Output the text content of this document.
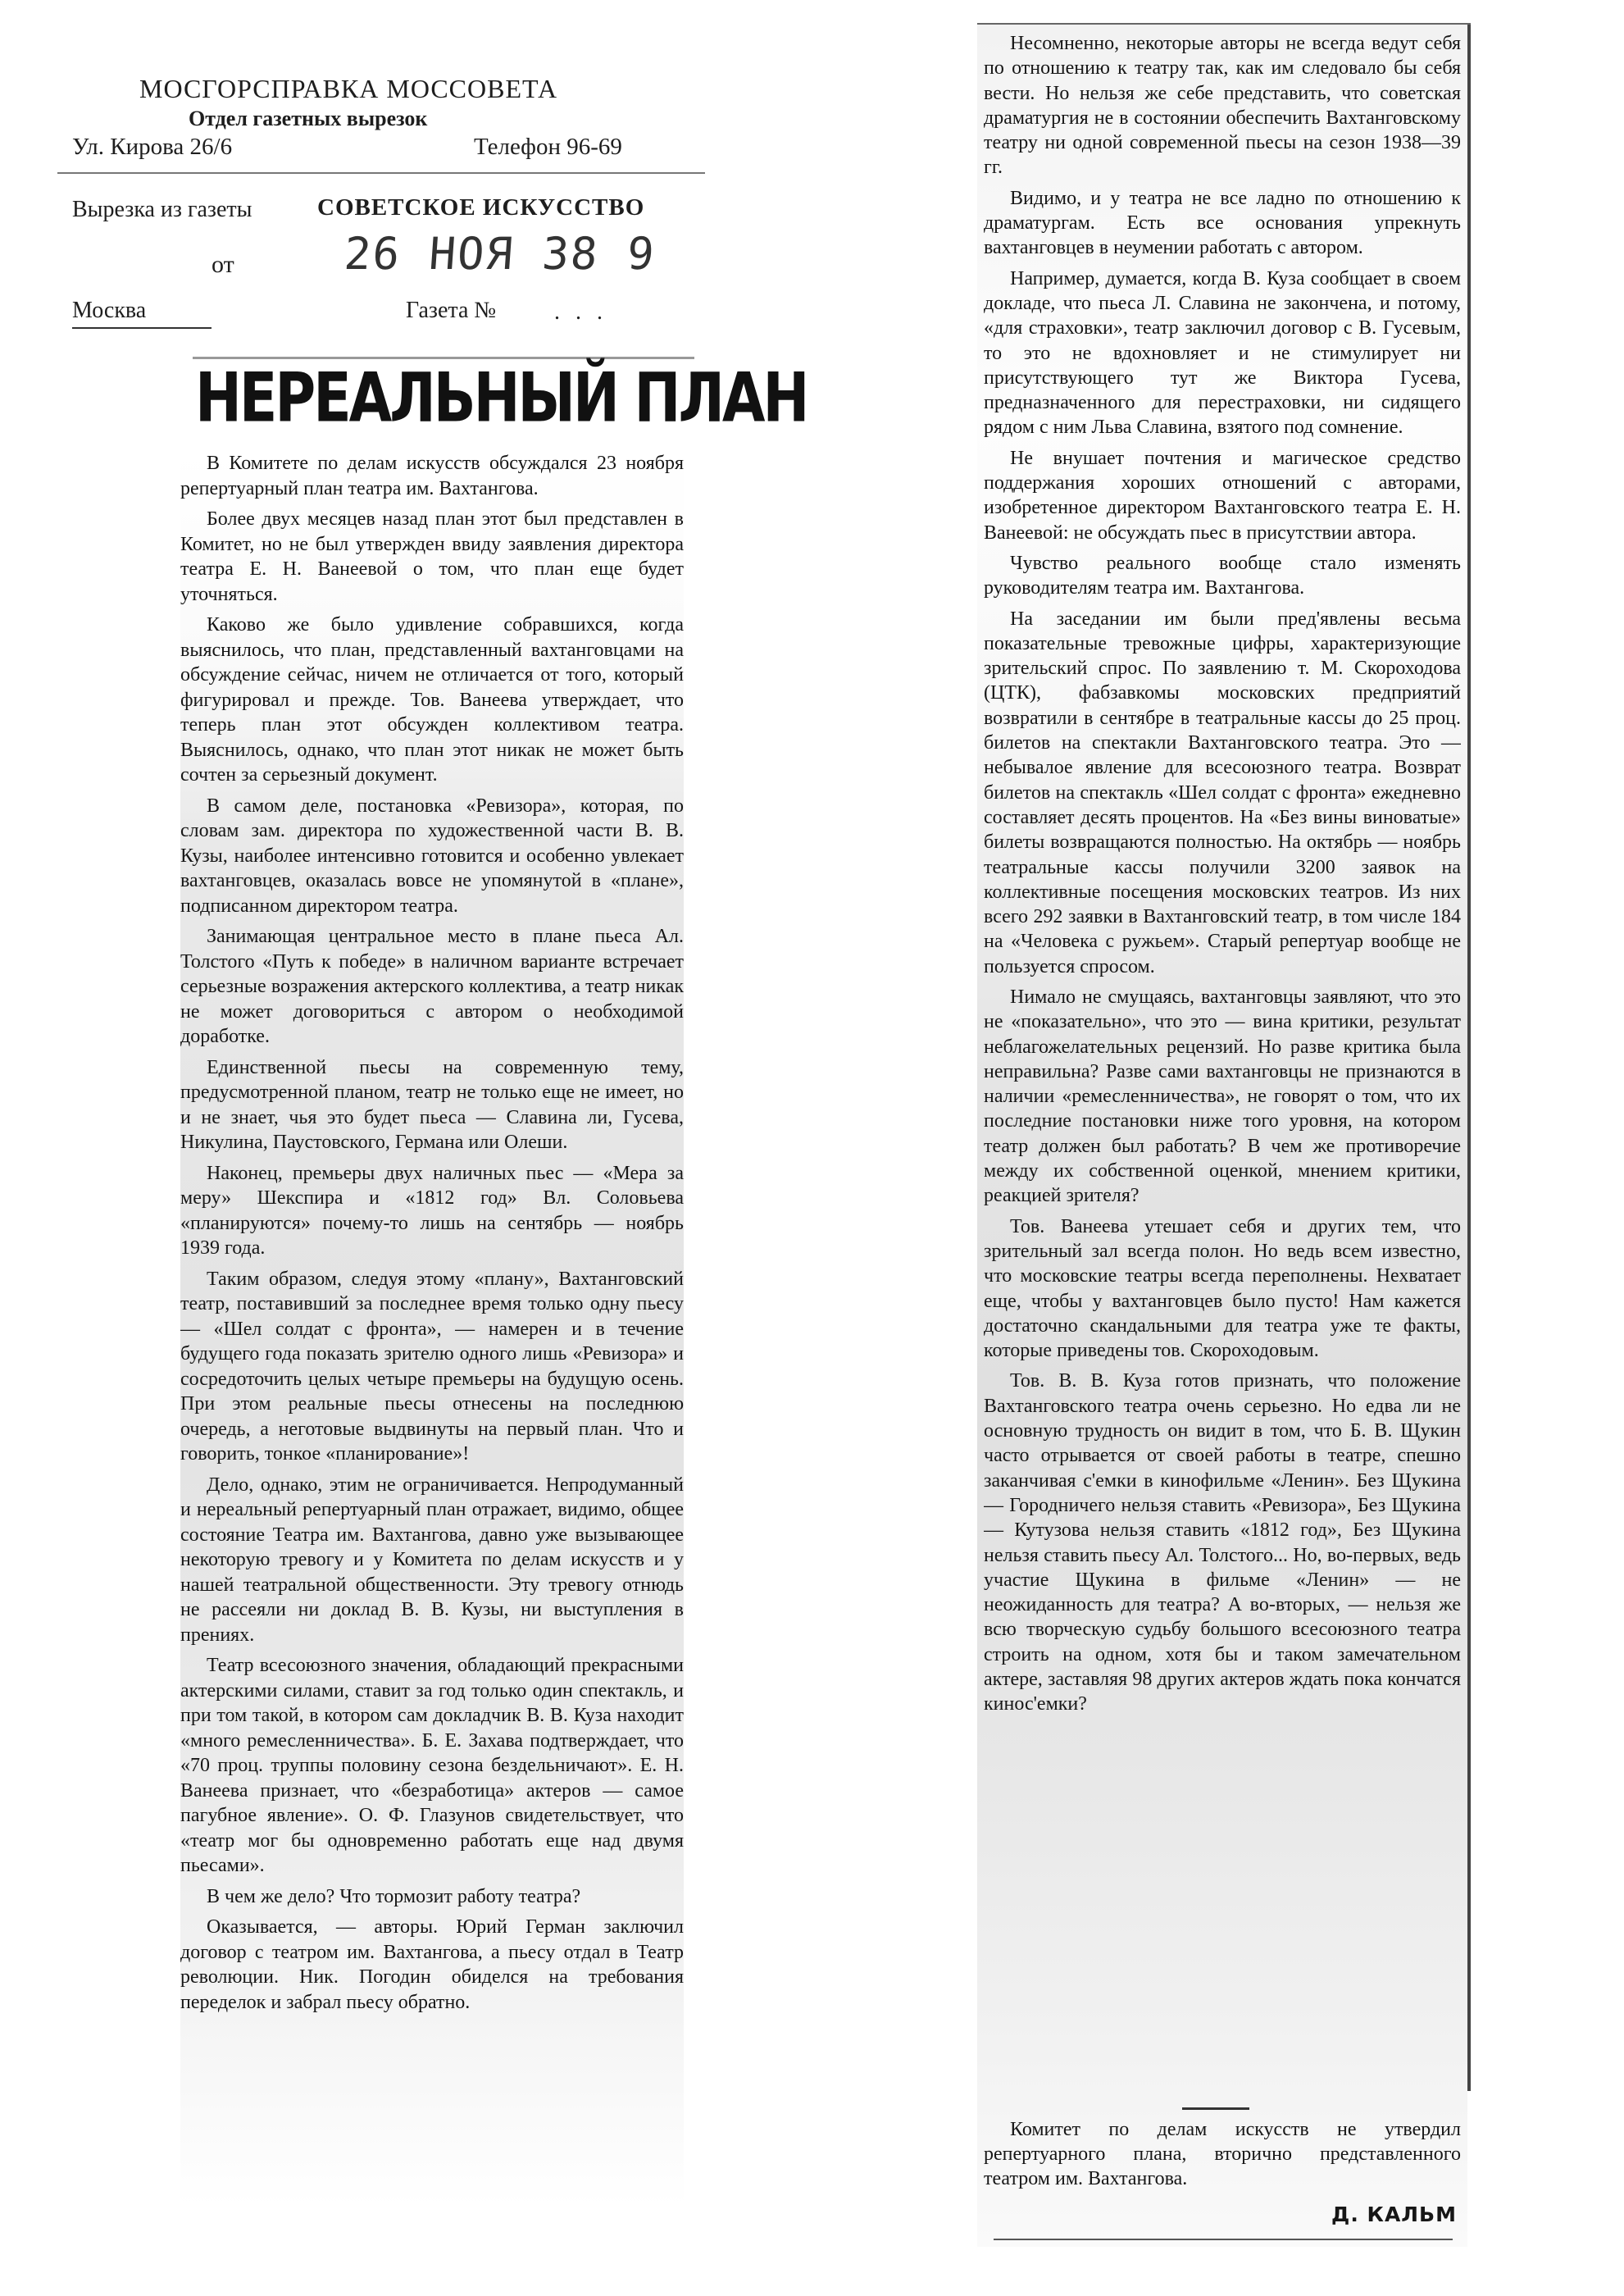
МОСГОРСПРАВКА МОССОВЕТА
Отдел газетных вырезок
Ул. Кирова 26/6	Телефон 96-69
Вырезка из газеты	СОВЕТСКОЕ ИСКУССТВО
от 26 НОЯ 38 9
Москва	Газета №	. . .
НЕРЕАЛЬНЫЙ ПЛАН

В Комитете по делам искусств обсуждался 23 ноября репертуарный план театра им. Вахтангова.

Более двух месяцев назад план этот был представлен в Комитет, но не был утвержден ввиду заявления директора театра Е. Н. Ванеевой о том, что план еще будет уточняться.

Каково же было удивление собравшихся, когда выяснилось, что план, представленный вахтанговцами на обсуждение сейчас, ничем не отличается от того, который фигурировал и прежде. Тов. Ванеева утверждает, что теперь план этот обсужден коллективом театра. Выяснилось, однако, что план этот никак не может быть сочтен за серьезный документ.

В самом деле, постановка «Ревизора», которая, по словам зам. директора по художественной части В. В. Кузы, наиболее интенсивно готовится и особенно увлекает вахтанговцев, оказалась вовсе не упомянутой в «плане», подписанном директором театра.

Занимающая центральное место в плане пьеса Ал. Толстого «Путь к победе» в наличном варианте встречает серьезные возражения актерского коллектива, а театр никак не может договориться с автором о необходимой доработке.

Единственной пьесы на современную тему, предусмотренной планом, театр не только еще не имеет, но и не знает, чья это будет пьеса — Славина ли, Гусева, Никулина, Паустовского, Германа или Олеши.

Наконец, премьеры двух наличных пьес — «Мера за меру» Шекспира и «1812 год» Вл. Соловьева «планируются» почему-то лишь на сентябрь — ноябрь 1939 года.

Таким образом, следуя этому «плану», Вахтанговский театр, поставивший за последнее время только одну пьесу — «Шел солдат с фронта», — намерен и в течение будущего года показать зрителю одного лишь «Ревизора» и сосредоточить целых четыре премьеры на будущую осень. При этом реальные пьесы отнесены на последнюю очередь, а неготовые выдвинуты на первый план. Что и говорить, тонкое «планирование»!

Дело, однако, этим не ограничивается. Непродуманный и нереальный репертуарный план отражает, видимо, общее состояние Театра им. Вахтангова, давно уже вызывающее некоторую тревогу и у Комитета по делам искусств и у нашей театральной общественности. Эту тревогу отнюдь не рассеяли ни доклад В. В. Кузы, ни выступления в прениях.

Театр всесоюзного значения, обладающий прекрасными актерскими силами, ставит за год только один спектакль, и при том такой, в котором сам докладчик В. В. Куза находит «много ремесленничества». Б. Е. Захава подтверждает, что «70 проц. труппы половину сезона бездельничают». Е. Н. Ванеева признает, что «безработица» актеров — самое пагубное явление». О. Ф. Глазунов свидетельствует, что «театр мог бы одновременно работать еще над двумя пьесами».

В чем же дело? Что тормозит работу театра?

Оказывается, — авторы. Юрий Герман заключил договор с театром им. Вахтангова, а пьесу отдал в Театр революции. Ник. Погодин обиделся на требования переделок и забрал пьесу обратно.

Несомненно, некоторые авторы не всегда ведут себя по отношению к театру так, как им следовало бы себя вести. Но нельзя же себе представить, что советская драматургия не в состоянии обеспечить Вахтанговскому театру ни одной современной пьесы на сезон 1938—39 гг.

Видимо, и у театра не все ладно по отношению к драматургам. Есть все основания упрекнуть вахтанговцев в неумении работать с автором.

Например, думается, когда В. Куза сообщает в своем докладе, что пьеса Л. Славина не закончена, и потому, «для страховки», театр заключил договор с В. Гусевым, то это не вдохновляет и не стимулирует ни присутствующего тут же Виктора Гусева, предназначенного для перестраховки, ни сидящего рядом с ним Льва Славина, взятого под сомнение.

Не внушает почтения и магическое средство поддержания хороших отношений с авторами, изобретенное директором Вахтанговского театра Е. Н. Ванеевой: не обсуждать пьес в присутствии автора.

Чувство реального вообще стало изменять руководителям театра им. Вахтангова.

На заседании им были пред'явлены весьма показательные тревожные цифры, характеризующие зрительский спрос. По заявлению т. М. Скороходова (ЦТК), фабзавкомы московских предприятий возвратили в сентябре в театральные кассы до 25 проц. билетов на спектакли Вахтанговского театра. Это — небывалое явление для всесоюзного театра. Возврат билетов на спектакль «Шел солдат с фронта» ежедневно составляет десять процентов. На «Без вины виноватые» билеты возвращаются полностью. На октябрь — ноябрь театральные кассы получили 3200 заявок на коллективные посещения московских театров. Из них всего 292 заявки в Вахтанговский театр, в том числе 184 на «Человека с ружьем». Старый репертуар вообще не пользуется спросом.

Нимало не смущаясь, вахтанговцы заявляют, что это не «показательно», что это — вина критики, результат неблагожелательных рецензий. Но разве критика была неправильна? Разве сами вахтанговцы не признаются в наличии «ремесленничества», не говорят о том, что их последние постановки ниже того уровня, на котором театр должен был работать? В чем же противоречие между их собственной оценкой, мнением критики, реакцией зрителя?

Тов. Ванеева утешает себя и других тем, что зрительный зал всегда полон. Но ведь всем известно, что московские театры всегда переполнены. Нехватает еще, чтобы у вахтанговцев было пусто! Нам кажется достаточно скандальными для театра уже те факты, которые приведены тов. Скороходовым.

Тов. В. В. Куза готов признать, что положение Вахтанговского театра очень серьезно. Но едва ли не основную трудность он видит в том, что Б. В. Щукин часто отрывается от своей работы в театре, спешно заканчивая с'емки в кинофильме «Ленин». Без Щукина — Городничего нельзя ставить «Ревизора», Без Щукина — Кутузова нельзя ставить «1812 год», Без Щукина нельзя ставить пьесу Ал. Толстого... Но, во-первых, ведь участие Щукина в фильме «Ленин» — не неожиданность для театра? А во-вторых, — нельзя же всю творческую судьбу большого всесоюзного театра строить на одном, хотя бы и таком замечательном актере, заставляя 98 других актеров ждать пока кончатся кинос'емки?

Комитет по делам искусств не утвердил репертуарного плана, вторично представленного театром им. Вахтангова.

Д. КАЛЬМ
